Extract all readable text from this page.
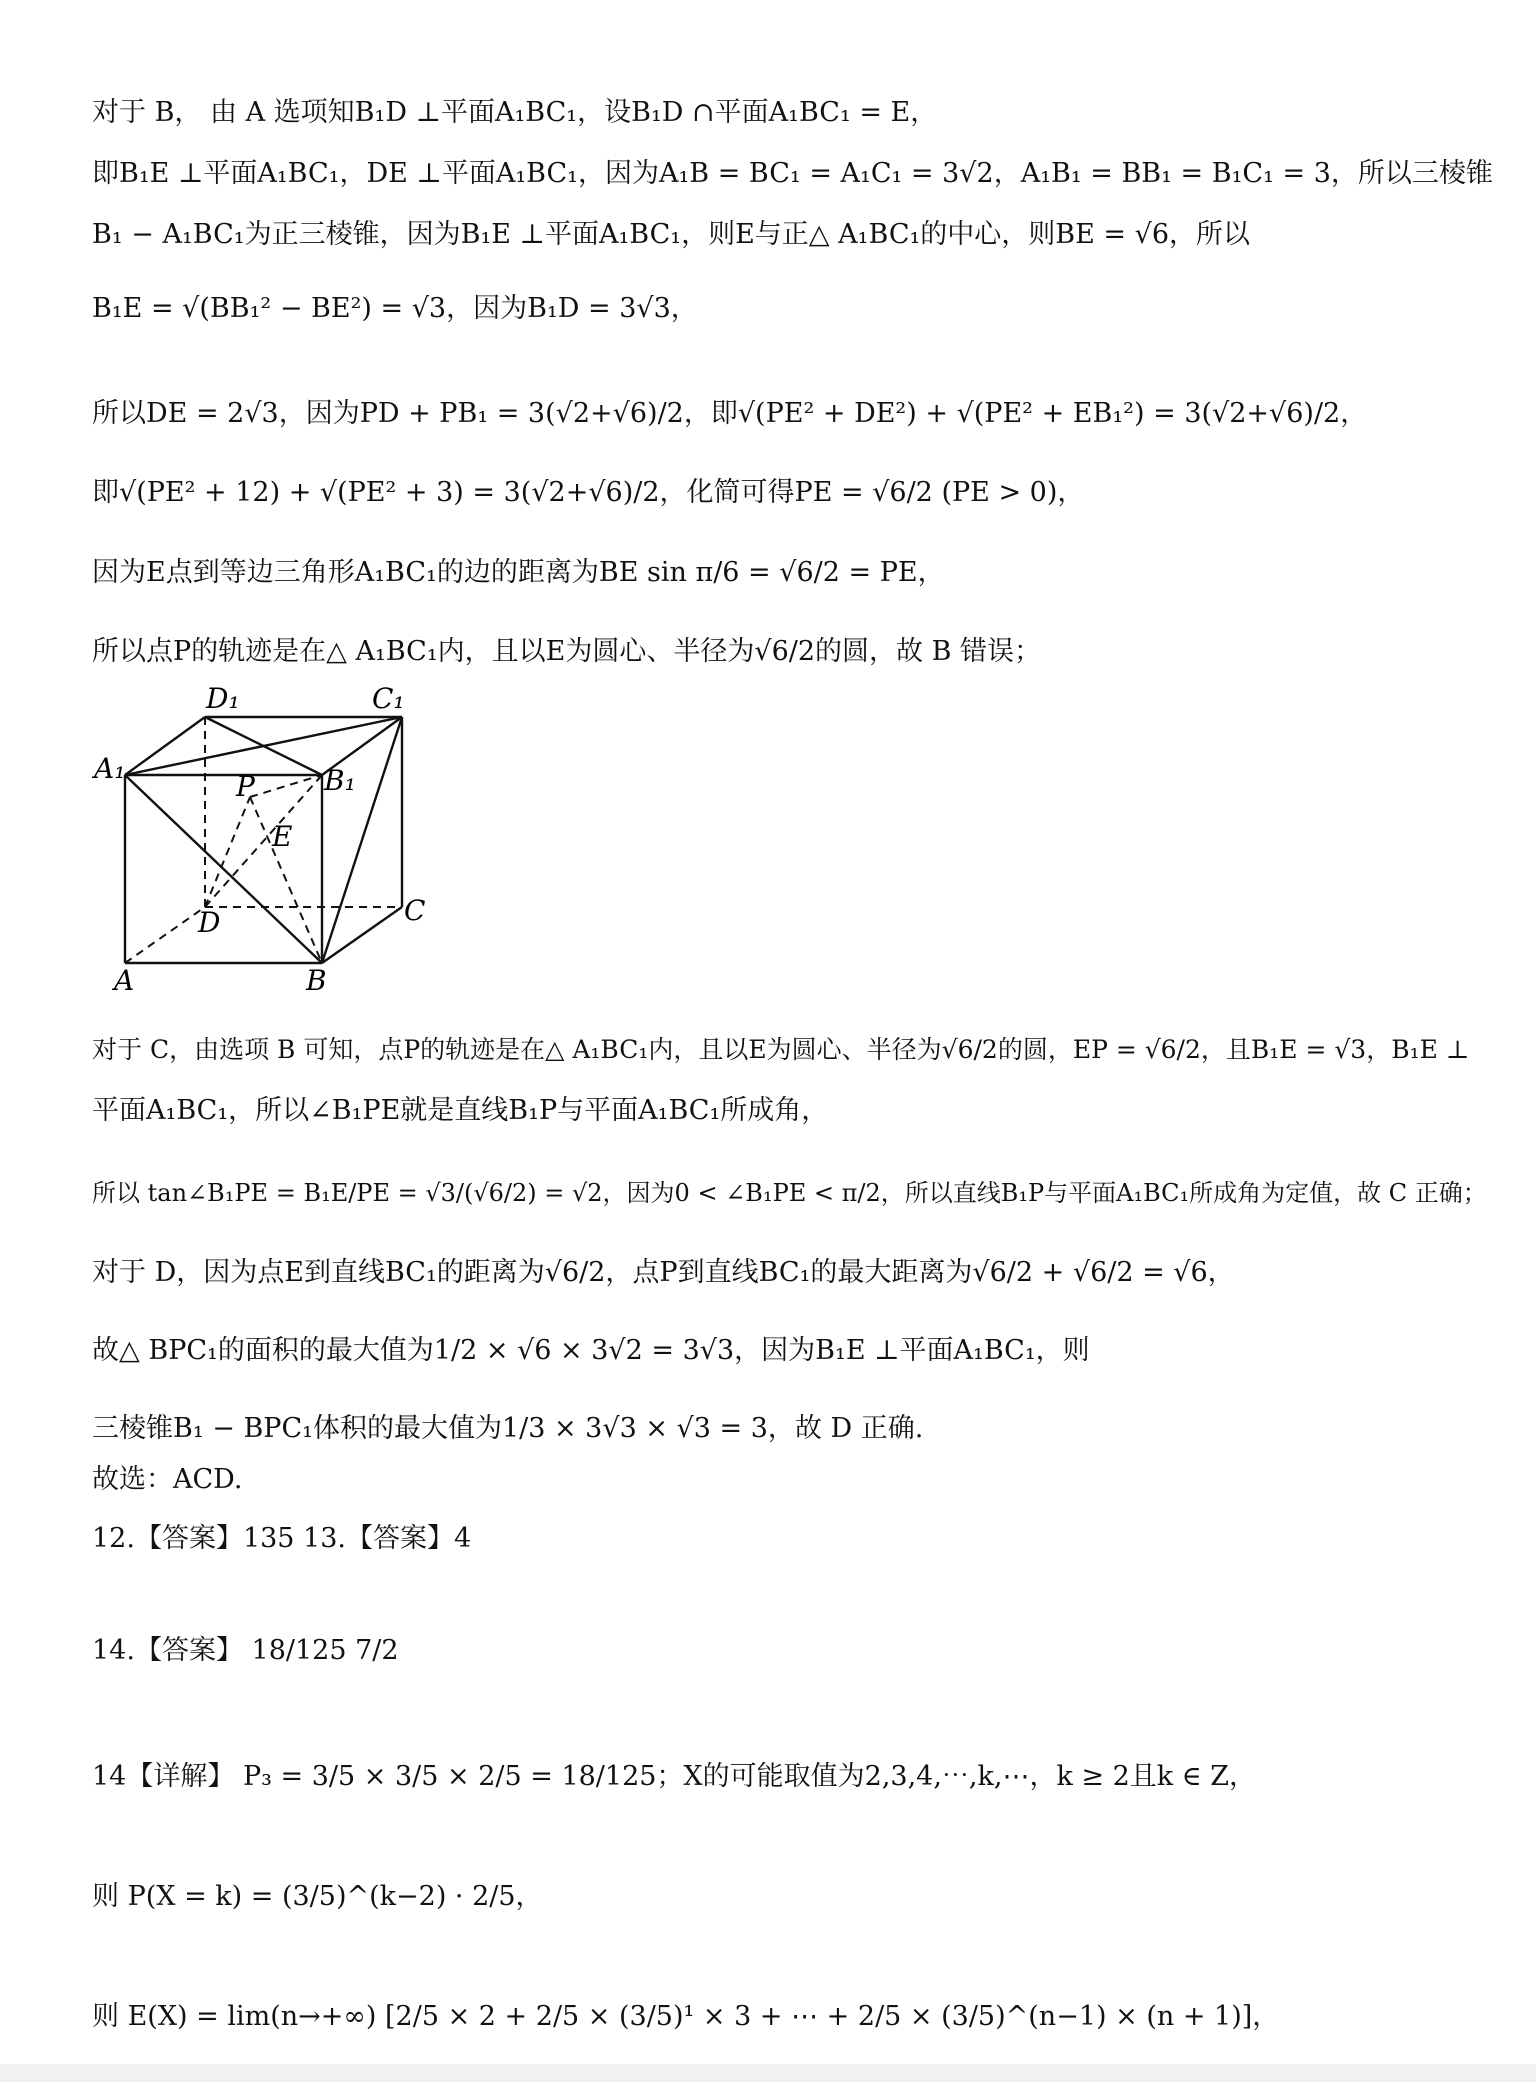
对于 B， 由 A 选项知B₁D ⊥平面A₁BC₁，设B₁D ∩平面A₁BC₁ = E，
即B₁E ⊥平面A₁BC₁，DE ⊥平面A₁BC₁，因为A₁B = BC₁ = A₁C₁ = 3√2，A₁B₁ = BB₁ = B₁C₁ = 3，所以三棱锥
B₁ − A₁BC₁为正三棱锥，因为B₁E ⊥平面A₁BC₁，则E与正△ A₁BC₁的中心，则BE = √6，所以
B₁E = √(BB₁² − BE²) = √3，因为B₁D = 3√3，
所以DE = 2√3，因为PD + PB₁ = 3(√2+√6)/2，即√(PE² + DE²) + √(PE² + EB₁²) = 3(√2+√6)/2，
即√(PE² + 12) + √(PE² + 3) = 3(√2+√6)/2，化简可得PE = √6/2 (PE > 0)，
因为E点到等边三角形A₁BC₁的边的距离为BE sin π/6 = √6/2 = PE，
所以点P的轨迹是在△ A₁BC₁内，且以E为圆心、半径为√6/2的圆，故 B 错误；
D₁	C₁
A₁	B₁
P
E
D	C
A	B
对于 C，由选项 B 可知，点P的轨迹是在△ A₁BC₁内，且以E为圆心、半径为√6/2的圆，EP = √6/2，且B₁E = √3，B₁E ⊥
平面A₁BC₁，所以∠B₁PE就是直线B₁P与平面A₁BC₁所成角，
所以 tan∠B₁PE = B₁E/PE = √3/(√6/2) = √2，因为0 < ∠B₁PE < π/2，所以直线B₁P与平面A₁BC₁所成角为定值，故 C 正确；
对于 D，因为点E到直线BC₁的距离为√6/2，点P到直线BC₁的最大距离为√6/2 + √6/2 = √6，
故△ BPC₁的面积的最大值为1/2 × √6 × 3√2 = 3√3，因为B₁E ⊥平面A₁BC₁，则
三棱锥B₁ − BPC₁体积的最大值为1/3 × 3√3 × √3 = 3，故 D 正确.
故选：ACD.
12.【答案】135 13.【答案】4
14.【答案】 18/125 7/2
14【详解】 P₃ = 3/5 × 3/5 × 2/5 = 18/125；X的可能取值为2,3,4,⋯,k,⋯，k ≥ 2且k ∈ Z，
则 P(X = k) = (3/5)^(k−2) · 2/5，
则 E(X) = lim(n→+∞) [2/5 × 2 + 2/5 × (3/5)¹ × 3 + ⋯ + 2/5 × (3/5)^(n−1) × (n + 1)]，
